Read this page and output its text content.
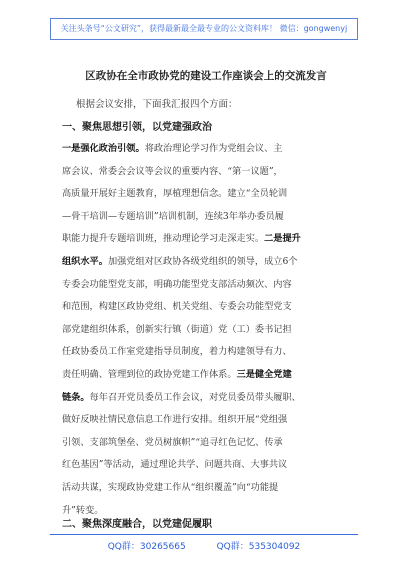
关注头条号“公文研究”，获得最新最全最专业的公文资料库！ 微信：gongwenyj
区政协在全市政协党的建设工作座谈会上的交流发言
根据会议安排，下面我汇报四个方面：
一、聚焦思想引领，以党建强政治
一是强化政治引领。将政治理论学习作为党组会议、主
席会议、常委会会议等会议的重要内容、“第一议题”，
高质量开展好主题教育，厚植理想信念。建立“全员轮训
—骨干培训—专题培训”培训机制，连续3年举办委员履
职能力提升专题培训班，推动理论学习走深走实。二是提升
组织水平。加强党组对区政协各级党组织的领导，成立6个
专委会功能型党支部，明确功能型党支部活动频次、内容
和范围，构建区政协党组、机关党组、专委会功能型党支
部党建组织体系，创新实行镇（街道）党（工）委书记担
任政协委员工作室党建指导员制度，着力构建领导有力、
责任明确、管理到位的政协党建工作体系。三是健全党建
链条。每年召开党员委员工作会议，对党员委员带头履职、
做好反映社情民意信息工作进行安排。组织开展“党组强
引领、支部筑堡垒、党员树旗帜”“追寻红色记忆、传承
红色基因”等活动，通过理论共学、问题共商、大事共议
活动共谋，实现政协党建工作从“组织覆盖”向“功能提
升”转变。
二、聚焦深度融合，以党建促履职
QQ群：30265665	QQ群：535304092
